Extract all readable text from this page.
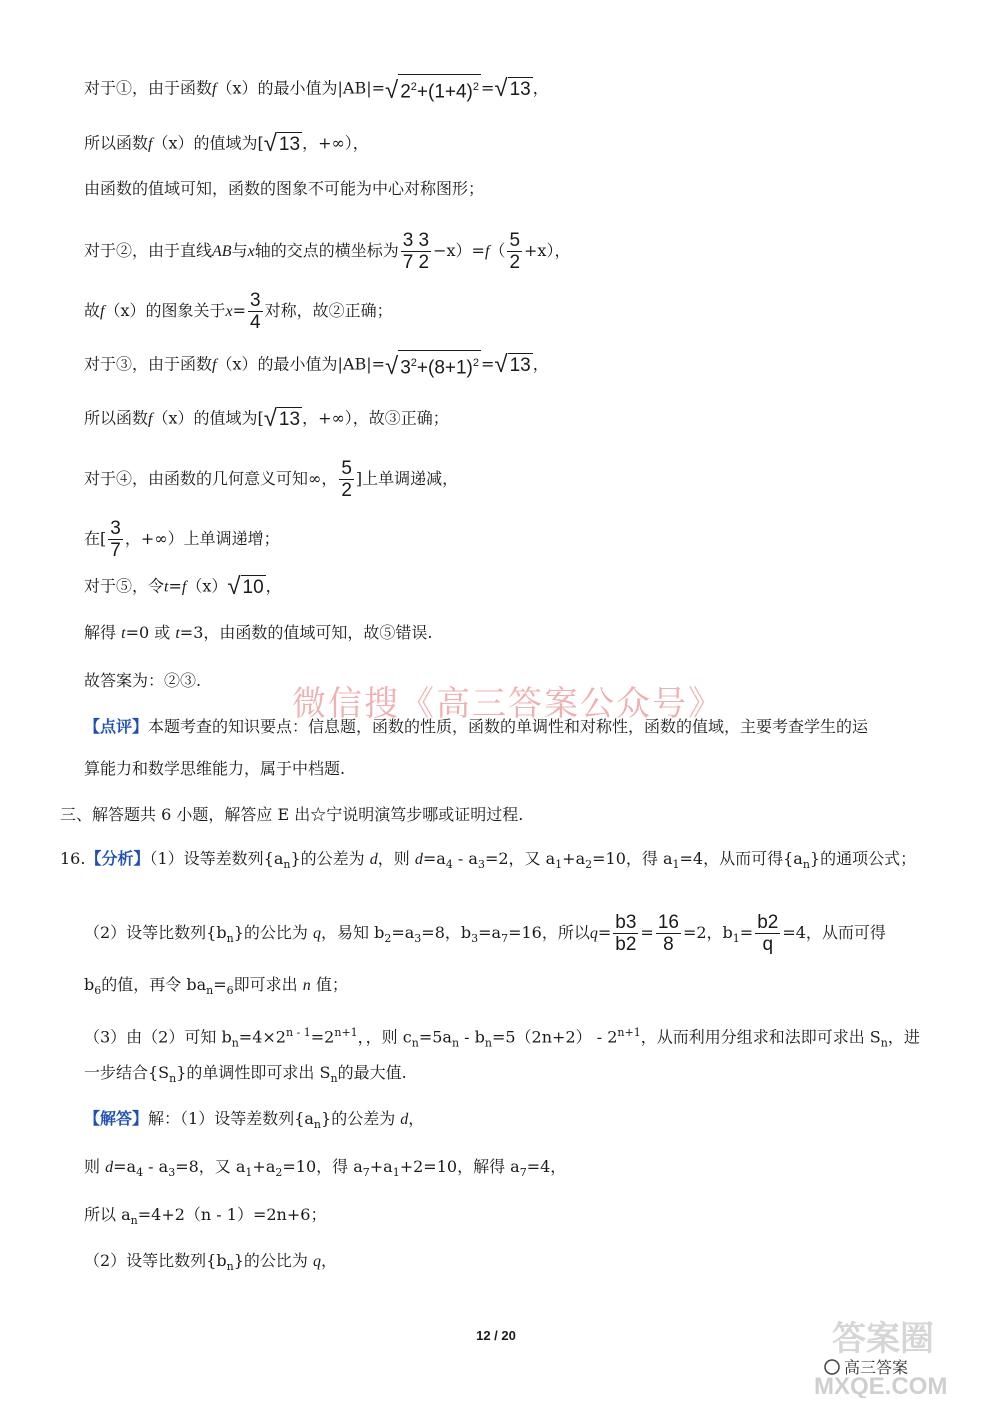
对于①，由于函数f（x）的最小值为|AB|= √ $2^2+(1+4)^2$ = √ 13 ，
所以函数f（x）的值域为[ √ 13 ，+∞），
由函数的值域可知，函数的图象不可能为中心对称图形；
对于②，由于直线AB与x轴的交点的横坐标为 $\frac{3 3}{7 2} -x)=f( \frac{5}{2} +x)$，
故f（x）的图象关于$x= \frac{3}{4}$ 对称，故②正确；
对于③，由于函数f（x）的最小值为|AB|= √ $3^2+(8+1)^2$ = √ 13 ，
所以函数f（x）的值域为[ √ 13 ，+∞），故③正确；
对于④，由函数的几何意义可知∞， $\frac{5}{2}$ ]上单调递减，
在[ $\frac{3}{7}$ ，+∞）上单调递增；
对于⑤，令t=f（x） √ 10 ，
解得 t=0 或 t=3，由函数的值域可知，故⑤错误.
故答案为：②③.
微信搜《高三答案公众号》
【点评】本题考查的知识要点：信息题，函数的性质，函数的单调性和对称性，函数的值域，主要考查学生的运
算能力和数学思维能力，属于中档题.
三、解答题共 6 小题，解答应 E 出☆宁说明演笃步哪或证明过程.
16.【分析】（1）设等差数列$\{a_n\}$的公差为 d，则 $d=a_4 - a_3=2$，又 $a_1+a_2=10$，得 $a_1=4$，从而可得$\{a_n\}$的通项公式；
（2）设等比数列$\{b_n\}$的公比为 q，易知 $b_2=a_3=8$，$b_3=a_7=16$，所以$q= \frac{b3}{b2} = \frac{16}{8} =2$，$b_1= \frac{b2}{q} =4$，从而可得
$b_6$的值，再令 $ba_n=_6$即可求出 n 值；
（3）由（2）可知 $b_n=4\times 2^{n - 1}=2^{n+1}$，，则 $c_n=5a_n - b_n=5(2n+2) - 2^{n+1}$，从而利用分组求和法即可求出 $S_n$，进
一步结合$\{S_n\}$的单调性即可求出 $S_n$的最大值.
【解答】解：（1）设等差数列$\{a_n\}$的公差为 d，
则 $d=a_4 - a_3=8$，又 $a_1+a_2=10$，得 $a_7+a_1+2=10$，解得 $a_7=4$，
所以 $a_n=4+2(n - 1)=2n+6$；
（2）设等比数列$\{b_n\}$的公比为 q，
12 / 20	答案圈
高三答案
MXQE.COM
